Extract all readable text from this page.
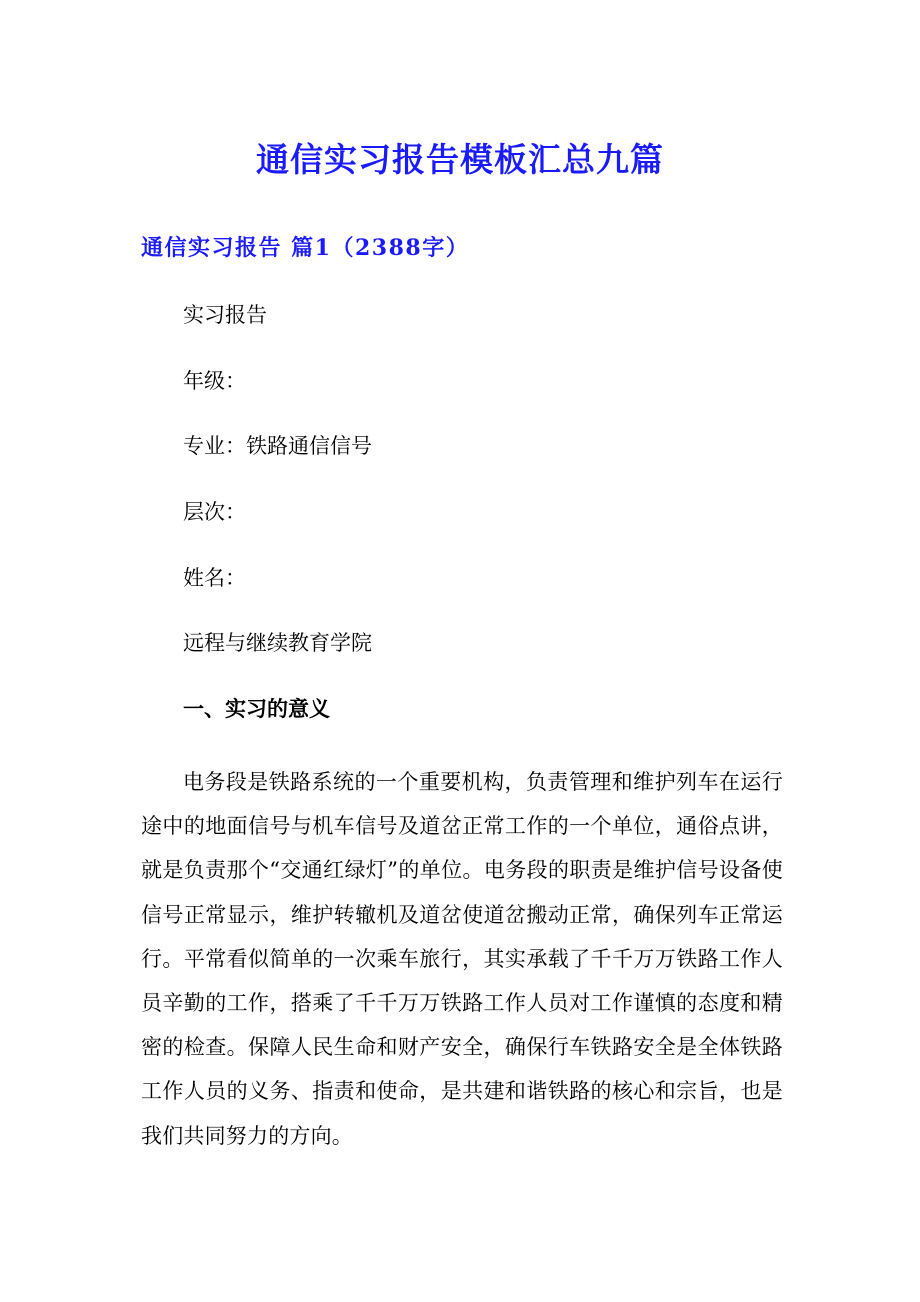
通信实习报告模板汇总九篇
通信实习报告 篇1（2388字）

实习报告

年级：

专业：铁路通信信号

层次：

姓名：

远程与继续教育学院

一、实习的意义

电务段是铁路系统的一个重要机构，负责管理和维护列车在运行途中的地面信号与机车信号及道岔正常工作的一个单位，通俗点讲，就是负责那个“交通红绿灯”的单位。电务段的职责是维护信号设备使信号正常显示，维护转辙机及道岔使道岔搬动正常，确保列车正常运行。平常看似简单的一次乘车旅行，其实承载了千千万万铁路工作人员辛勤的工作，搭乘了千千万万铁路工作人员对工作谨慎的态度和精密的检查。保障人民生命和财产安全，确保行车铁路安全是全体铁路工作人员的义务、指责和使命，是共建和谐铁路的核心和宗旨，也是我们共同努力的方向。
